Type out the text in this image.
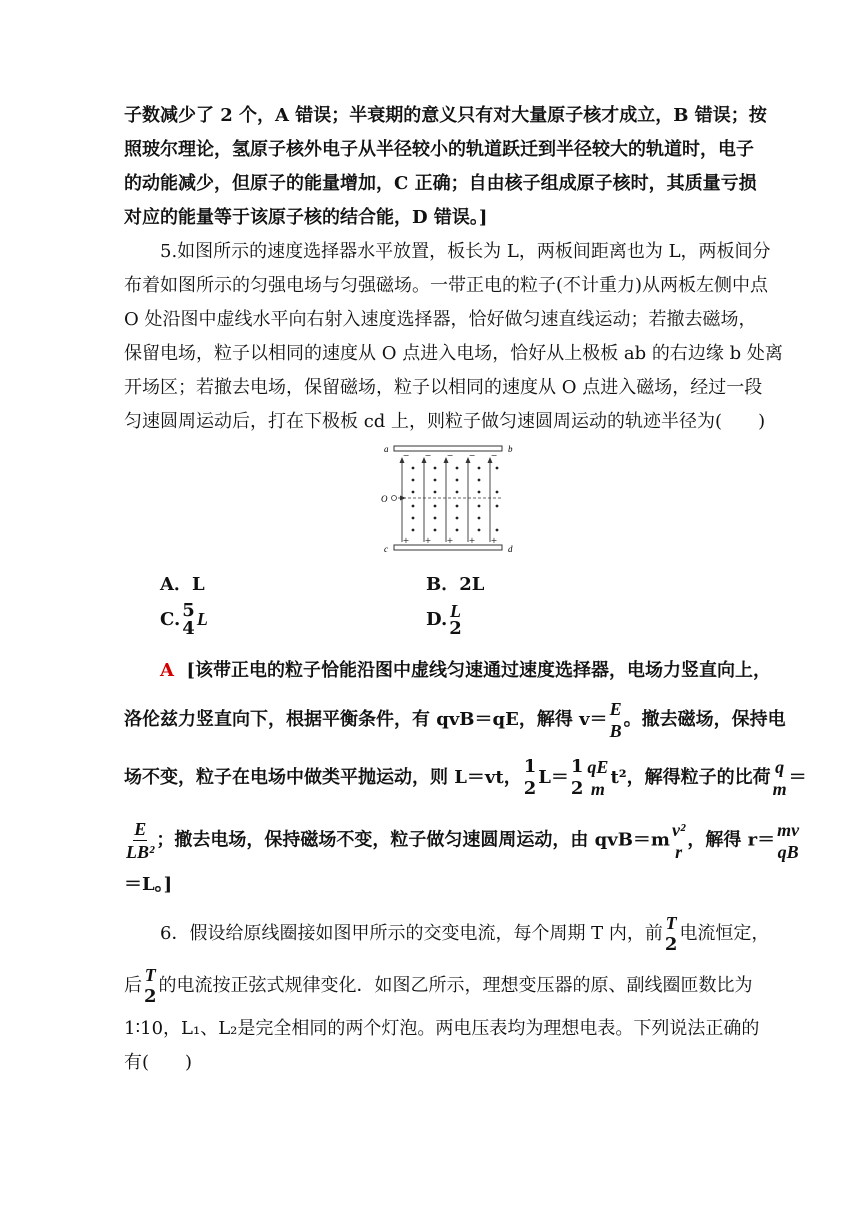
子数减少了 2 个，A 错误；半衰期的意义只有对大量原子核才成立，B 错误；按
照玻尔理论，氢原子核外电子从半径较小的轨道跃迁到半径较大的轨道时，电子
的动能减少，但原子的能量增加，C 正确；自由核子组成原子核时，其质量亏损
对应的能量等于该原子核的结合能，D 错误。]
5.如图所示的速度选择器水平放置，板长为 L，两板间距离也为 L，两板间分
布着如图所示的匀强电场与匀强磁场。一带正电的粒子(不计重力)从两板左侧中点
O 处沿图中虚线水平向右射入速度选择器，恰好做匀速直线运动；若撤去磁场，
保留电场，粒子以相同的速度从 O 点进入电场，恰好从上极板 ab 的右边缘 b 处离
开场区；若撤去电场，保留磁场，粒子以相同的速度从 O 点进入磁场，经过一段
匀速圆周运动后，打在下极板 cd 上，则粒子做匀速圆周运动的轨迹半径为(　　)
a	b
c	d
O
−
+
−
+
−
+
−
+
−
+
A．L	B．2L
C. 5
4 L	D. L
2
A [该带正电的粒子恰能沿图中虚线匀速通过速度选择器，电场力竖直向上，
洛伦兹力竖直向下，根据平衡条件，有 qvB＝qE，解得 v＝ E
B
。撤去磁场，保持电
场不变，粒子在电场中做类平抛运动，则 L＝vt，
1
2
L＝
1
2
qE
m
t²，解得粒子的比荷 q
m
＝
$\frac{E}{\text{LB²}}$ ；撤去电场，保持磁场不变，粒子做匀速圆周运动，由 qvB＝m v²
r
，解得 r＝ mv
qB
＝L。]
6．假设给原线圈接如图甲所示的交变电流，每个周期 T 内，前 T
2
电流恒定，
后 T
2
的电流按正弦式规律变化．如图乙所示，理想变压器的原、副线圈匝数比为
1∶10，L₁、L₂是完全相同的两个灯泡。两电压表均为理想电表。下列说法正确的
有(　　)
